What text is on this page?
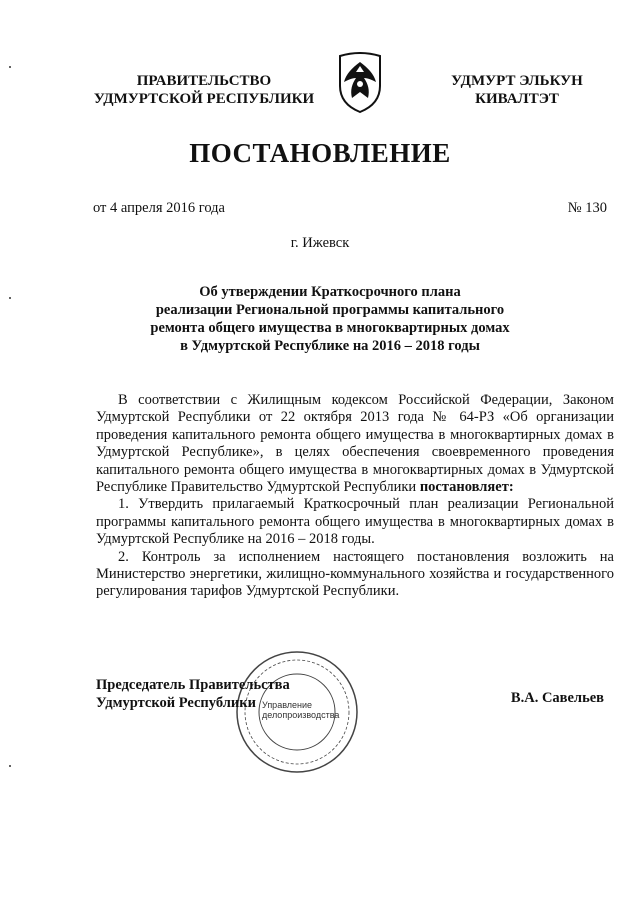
ПРАВИТЕЛЬСТВО
УДМУРТСКОЙ РЕСПУБЛИКИ
УДМУРТ ЭЛЬКУН
КИВАЛТЭТ
ПОСТАНОВЛЕНИЕ
от 4 апреля 2016 года	№ 130
г. Ижевск
Об утверждении Краткосрочного плана
реализации Региональной программы капитального
ремонта общего имущества в многоквартирных домах
в Удмуртской Республике на 2016 – 2018 годы

В соответствии с Жилищным кодексом Российской Федерации, Законом Удмуртской Республики от 22 октября 2013 года № 64-РЗ «Об организации проведения капитального ремонта общего имущества в многоквартирных домах в Удмуртской Республике», в целях обеспечения своевременного проведения капитального ремонта общего имущества в многоквартирных домах в Удмуртской Республике Правительство Удмуртской Республики постановляет:

1. Утвердить прилагаемый Краткосрочный план реализации Региональной программы капитального ремонта общего имущества в многоквартирных домах в Удмуртской Республике на 2016 – 2018 годы.

2. Контроль за исполнением настоящего постановления возложить на Министерство энергетики, жилищно-коммунального хозяйства и государственного регулирования тарифов Удмуртской Республики.

Управление
делопроизводства
Председатель Правительства
Удмуртской Республики	В.А. Савельев
